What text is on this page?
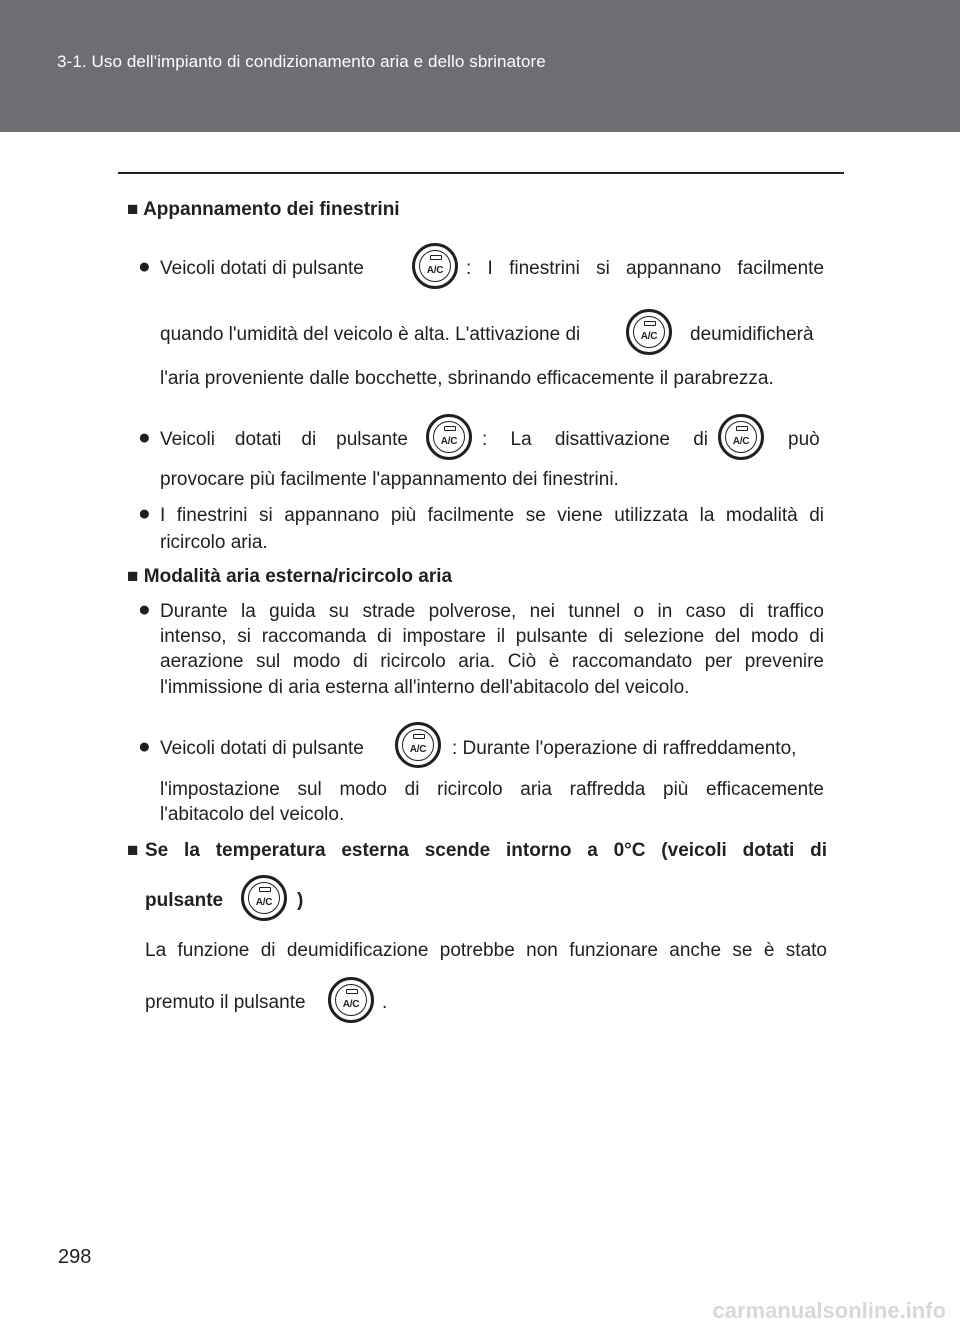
3-1. Uso dell'impianto di condizionamento aria e dello sbrinatore
■ Appannamento dei finestrini
● Veicoli dotati di pulsante	A/C	: I finestrini si appannano facilmente
quando l'umidità del veicolo è alta. L'attivazione di	A/C	deumidificherà
l'aria proveniente dalle bocchette, sbrinando efficacemente il parabrezza.
● Veicoli dotati di pulsante	A/C	: La disattivazione di	A/C	può
provocare più facilmente l'appannamento dei finestrini.
● I finestrini si appannano più facilmente se viene utilizzata la modalità di
ricircolo aria.
■ Modalità aria esterna/ricircolo aria
● Durante la guida su strade polverose, nei tunnel o in caso di traffico
intenso, si raccomanda di impostare il pulsante di selezione del modo di
aerazione sul modo di ricircolo aria. Ciò è raccomandato per prevenire
l'immissione di aria esterna all'interno dell'abitacolo del veicolo.
● Veicoli dotati di pulsante	A/C	: Durante l'operazione di raffreddamento,
l'impostazione sul modo di ricircolo aria raffredda più efficacemente
l'abitacolo del veicolo.
■ Se la temperatura esterna scende intorno a 0°C (veicoli dotati di
pulsante	A/C	)
La funzione di deumidificazione potrebbe non funzionare anche se è stato
premuto il pulsante	A/C	.
298
carmanualsonline.info
